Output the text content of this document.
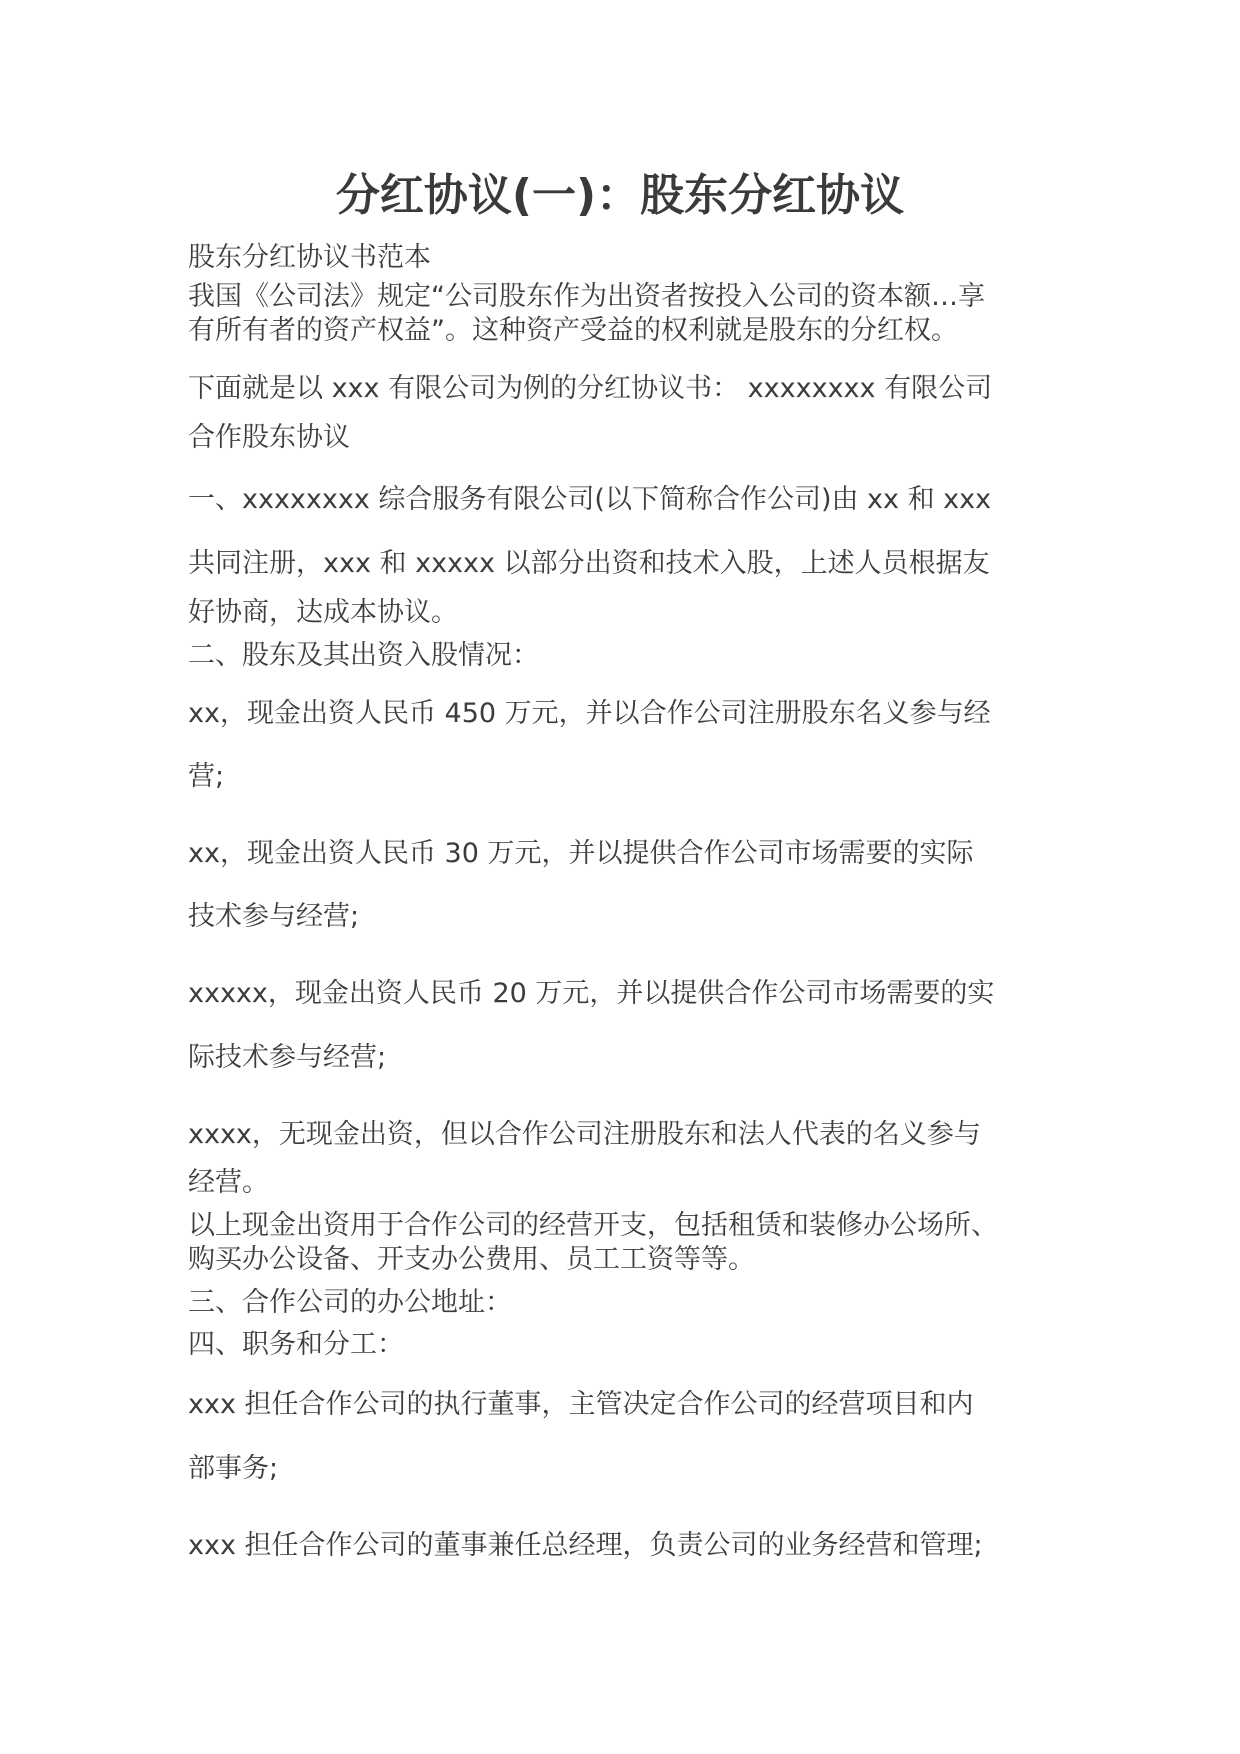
分红协议(一)：股东分红协议
股东分红协议书范本
我国《公司法》规定“公司股东作为出资者按投入公司的资本额…享
有所有者的资产权益”。这种资产受益的权利就是股东的分红权。
下面就是以 xxx 有限公司为例的分红协议书： xxxxxxxx 有限公司
合作股东协议
一、xxxxxxxx 综合服务有限公司(以下简称合作公司)由 xx 和 xxx
共同注册，xxx 和 xxxxx 以部分出资和技术入股，上述人员根据友
好协商，达成本协议。
二、股东及其出资入股情况：
xx，现金出资人民币 450 万元，并以合作公司注册股东名义参与经
营;
xx，现金出资人民币 30 万元，并以提供合作公司市场需要的实际
技术参与经营;
xxxxx，现金出资人民币 20 万元，并以提供合作公司市场需要的实
际技术参与经营;
xxxx，无现金出资，但以合作公司注册股东和法人代表的名义参与
经营。
以上现金出资用于合作公司的经营开支，包括租赁和装修办公场所、
购买办公设备、开支办公费用、员工工资等等。
三、合作公司的办公地址：
四、职务和分工：
xxx 担任合作公司的执行董事，主管决定合作公司的经营项目和内
部事务;
xxx 担任合作公司的董事兼任总经理，负责公司的业务经营和管理;
